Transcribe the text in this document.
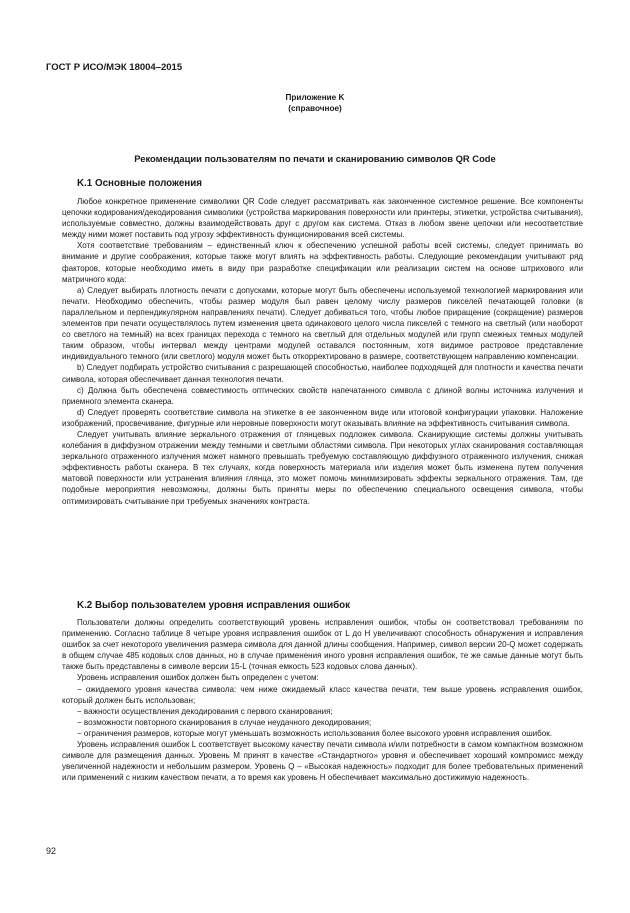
ГОСТ Р ИСО/МЭК 18004–2015
Приложение K
(справочное)
Рекомендации пользователям по печати и сканированию символов QR Code
K.1 Основные положения

Любое конкретное применение символики QR Code следует рассматривать как законченное системное решение. Все компоненты цепочки кодирования/декодирования символики (устройства маркирования поверхности или принтеры, этикетки, устройства считывания), используемые совместно, должны взаимодействовать друг с другом как система. Отказ в любом звене цепочки или несоответствие между ними может поставить под угрозу эффективность функционирования всей системы.

Хотя соответствие требованиям – единственный ключ к обеспечению успешной работы всей системы, следует принимать во внимание и другие соображения, которые также могут влиять на эффективность работы. Следующие рекомендации учитывают ряд факторов, которые необходимо иметь в виду при разработке спецификации или реализации систем на основе штрихового или матричного кода:

а) Следует выбирать плотность печати с допусками, которые могут быть обеспечены используемой технологией маркирования или печати. Необходимо обеспечить, чтобы размер модуля был равен целому числу размеров пикселей печатающей головки (в параллельном и перпендикулярном направлениях печати). Следует добиваться того, чтобы любое приращение (сокращение) размеров элементов при печати осуществлялось путем изменения цвета одинакового целого числа пикселей с темного на светлый (или наоборот со светлого на темный) на всех границах перехода с темного на светлый для отдельных модулей или групп смежных темных модулей таким образом, чтобы интервал между центрами модулей оставался постоянным, хотя видимое растровое представление индивидуального темного (или светлого) модуля может быть откорректировано в размере, соответствующем направлению компенсации.

b) Следует подбирать устройство считывания с разрешающей способностью, наиболее подходящей для плотности и качества печати символа, которая обеспечивает данная технология печати.

с) Должна быть обеспечена совместимость оптических свойств напечатанного символа с длиной волны источника излучения и приемного элемента сканера.

d) Следует проверять соответствие символа на этикетке в ее законченном виде или итоговой конфигурации упаковки. Наложение изображений, просвечивание, фигурные или неровные поверхности могут оказывать влияние на эффективность считывания символа.

Следует учитывать влияние зеркального отражения от глянцевых подложек символа. Сканирующие системы должны учитывать колебания в диффузном отражении между темными и светлыми областями символа. При некоторых углах сканирования составляющая зеркального отраженного излучения может намного превышать требуемую составляющую диффузного отраженного излучения, снижая эффективность работы сканера. В тех случаях, когда поверхность материала или изделия может быть изменена путем получения матовой поверхности или устранения влияния глянца, это может помочь минимизировать эффекты зеркального отражения. Там, где подобные мероприятия невозможны, должны быть приняты меры по обеспечению специального освещения символа, чтобы оптимизировать считывание при требуемых значениях контраста.

K.2 Выбор пользователем уровня исправления ошибок

Пользователи должны определить соответствующий уровень исправления ошибок, чтобы он соответствовал требованиям по применению. Согласно таблице 8 четыре уровня исправления ошибок от L до H увеличивают способность обнаружения и исправления ошибок за счет некоторого увеличения размера символа для данной длины сообщения. Например, символ версии 20-Q может содержать в общем случае 485 кодовых слов данных, но в случае применения иного уровня исправления ошибок, те же самые данные могут быть также быть представлены в символе версии 15-L (точная емкость 523 кодовых слова данных).

Уровень исправления ошибок должен быть определен с учетом:

− ожидаемого уровня качества символа: чем ниже ожидаемый класс качества печати, тем выше уровень исправления ошибок, который должен быть использован;

− важности осуществления декодирования с первого сканирования;

− возможности повторного сканирования в случае неудачного декодирования;

− ограничения размеров, которые могут уменьшать возможность использования более высокого уровня исправления ошибок.

Уровень исправления ошибок L соответствует высокому качеству печати символа и/или потребности в самом компактном возможном символе для размещения данных. Уровень M принят в качестве «Стандартного» уровня и обеспечивает хороший компромисс между увеличенной надежности и небольшим размером. Уровень Q – «Высокая надежность» подходит для более требовательных применений или применений с низким качеством печати, а то время как уровень H обеспечивает максимально достижимую надежность.

92
